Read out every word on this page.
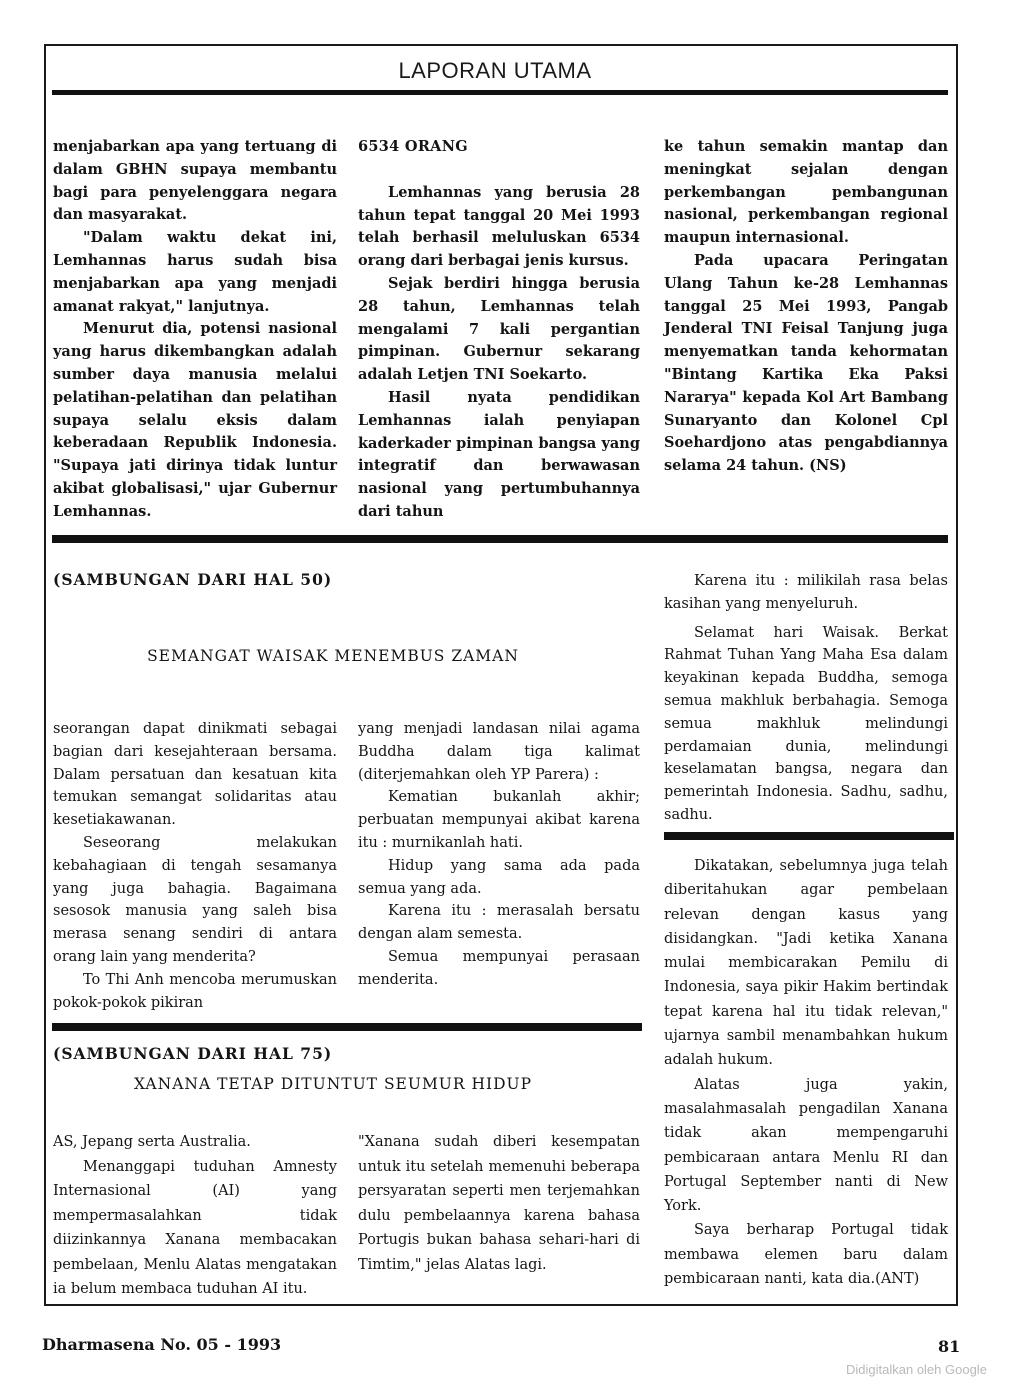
LAPORAN UTAMA

menjabarkan apa yang tertuang di dalam GBHN supaya membantu bagi para penyelenggara negara dan masyarakat.

"Dalam waktu dekat ini, Lemhannas harus sudah bisa menjabarkan apa yang menjadi amanat rakyat," lanjutnya.

Menurut dia, potensi nasional yang harus dikembangkan adalah sumber daya manusia melalui pelatihan-pelatihan dan pelatihan supaya selalu eksis dalam keberadaan Republik Indonesia. "Supaya jati dirinya tidak luntur akibat globalisasi," ujar Gubernur Lemhannas.

6534 ORANG

Lemhannas yang berusia 28 tahun tepat tanggal 20 Mei 1993 telah berhasil meluluskan 6534 orang dari berbagai jenis kursus.

Sejak berdiri hingga berusia 28 tahun, Lemhannas telah mengalami 7 kali pergantian pimpinan. Gubernur sekarang adalah Letjen TNI Soekarto.

Hasil nyata pendidikan Lemhannas ialah penyiapan kaderkader pimpinan bangsa yang integratif dan berwawasan nasional yang pertumbuhannya dari tahun

ke tahun semakin mantap dan meningkat sejalan dengan perkembangan pembangunan nasional, perkembangan regional maupun internasional.

Pada upacara Peringatan Ulang Tahun ke-28 Lemhannas tanggal 25 Mei 1993, Pangab Jenderal TNI Feisal Tanjung juga menyematkan tanda kehormatan "Bintang Kartika Eka Paksi Nararya" kepada Kol Art Bambang Sunaryanto dan Kolonel Cpl Soehardjono atas pengabdiannya selama 24 tahun. (NS)

(SAMBUNGAN DARI HAL 50)
SEMANGAT WAISAK MENEMBUS ZAMAN

seorangan dapat dinikmati sebagai bagian dari kesejahteraan bersama. Dalam persatuan dan kesatuan kita temukan semangat solidaritas atau kesetiakawanan.

Seseorang melakukan kebahagiaan di tengah sesamanya yang juga bahagia. Bagaimana sesosok manusia yang saleh bisa merasa senang sendiri di antara orang lain yang menderita?

To Thi Anh mencoba merumuskan pokok-pokok pikiran

yang menjadi landasan nilai agama Buddha dalam tiga kalimat (diterjemahkan oleh YP Parera) :

Kematian bukanlah akhir; perbuatan mempunyai akibat karena itu : murnikanlah hati.

Hidup yang sama ada pada semua yang ada.

Karena itu : merasalah bersatu dengan alam semesta.

Semua mempunyai perasaan menderita.

Karena itu : milikilah rasa belas kasihan yang menyeluruh.

Selamat hari Waisak. Berkat Rahmat Tuhan Yang Maha Esa dalam keyakinan kepada Buddha, semoga semua makhluk berbahagia. Semoga semua makhluk melindungi perdamaian dunia, melindungi keselamatan bangsa, negara dan pemerintah Indonesia. Sadhu, sadhu, sadhu.

(SAMBUNGAN DARI HAL 75)
XANANA TETAP DITUNTUT SEUMUR HIDUP

AS, Jepang serta Australia.

Menanggapi tuduhan Amnesty Internasional (AI) yang mempermasalahkan tidak diizinkannya Xanana membacakan pembelaan, Menlu Alatas mengatakan ia belum membaca tuduhan AI itu.

"Xanana sudah diberi kesempatan untuk itu setelah memenuhi beberapa persyaratan seperti men terjemahkan dulu pembelaannya karena bahasa Portugis bukan bahasa sehari-hari di Timtim," jelas Alatas lagi.

Dikatakan, sebelumnya juga telah diberitahukan agar pembelaan relevan dengan kasus yang disidangkan. "Jadi ketika Xanana mulai membicarakan Pemilu di Indonesia, saya pikir Hakim bertindak tepat karena hal itu tidak relevan," ujarnya sambil menambahkan hukum adalah hukum.

Alatas juga yakin, masalahmasalah pengadilan Xanana tidak akan mempengaruhi pembicaraan antara Menlu RI dan Portugal September nanti di New York.

Saya berharap Portugal tidak membawa elemen baru dalam pembicaraan nanti, kata dia.(ANT)

Dharmasena No. 05 - 1993	81
Didigitalkan oleh Google
